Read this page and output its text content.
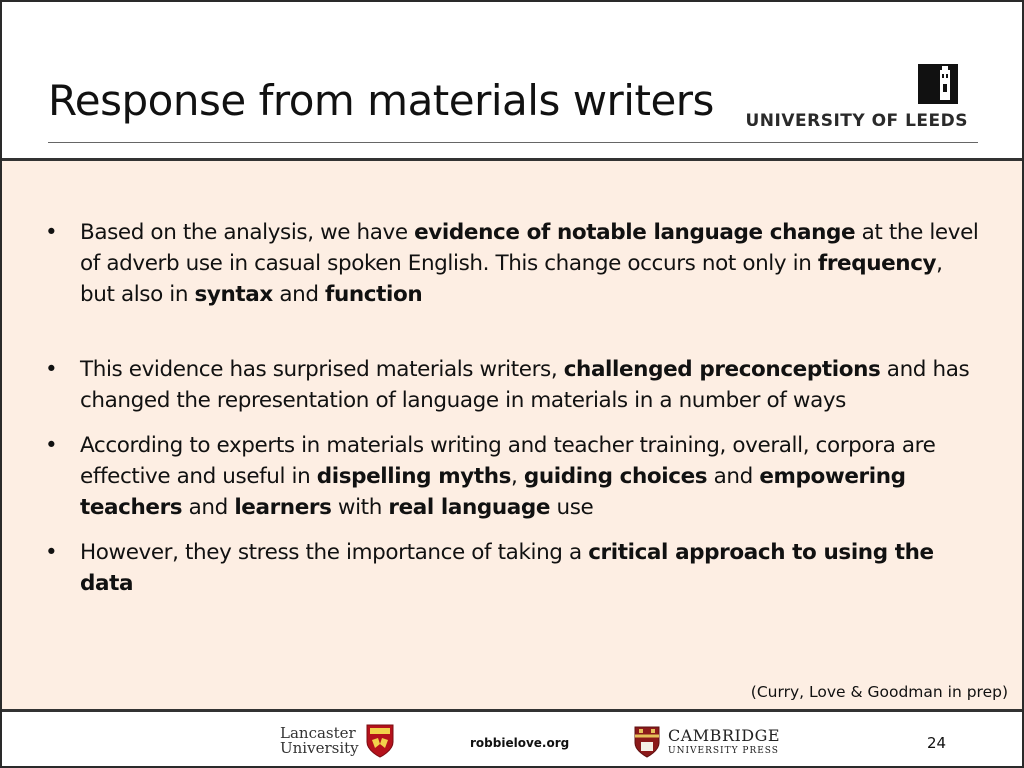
Response from materials writers UNIVERSITY OF LEEDS
• Based on the analysis, we have evidence of notable language change at the level of adverb use in casual spoken English. This change occurs not only in frequency, but also in syntax and function
• This evidence has surprised materials writers, challenged preconceptions and has changed the representation of language in materials in a number of ways
• According to experts in materials writing and teacher training, overall, corpora are effective and useful in dispelling myths, guiding choices and empowering teachers and learners with real language use
• However, they stress the importance of taking a critical approach to using the data
(Curry, Love & Goodman in prep)
Lancaster
University	robbielove.org	CAMBRIDGE
UNIVERSITY PRESS	24
